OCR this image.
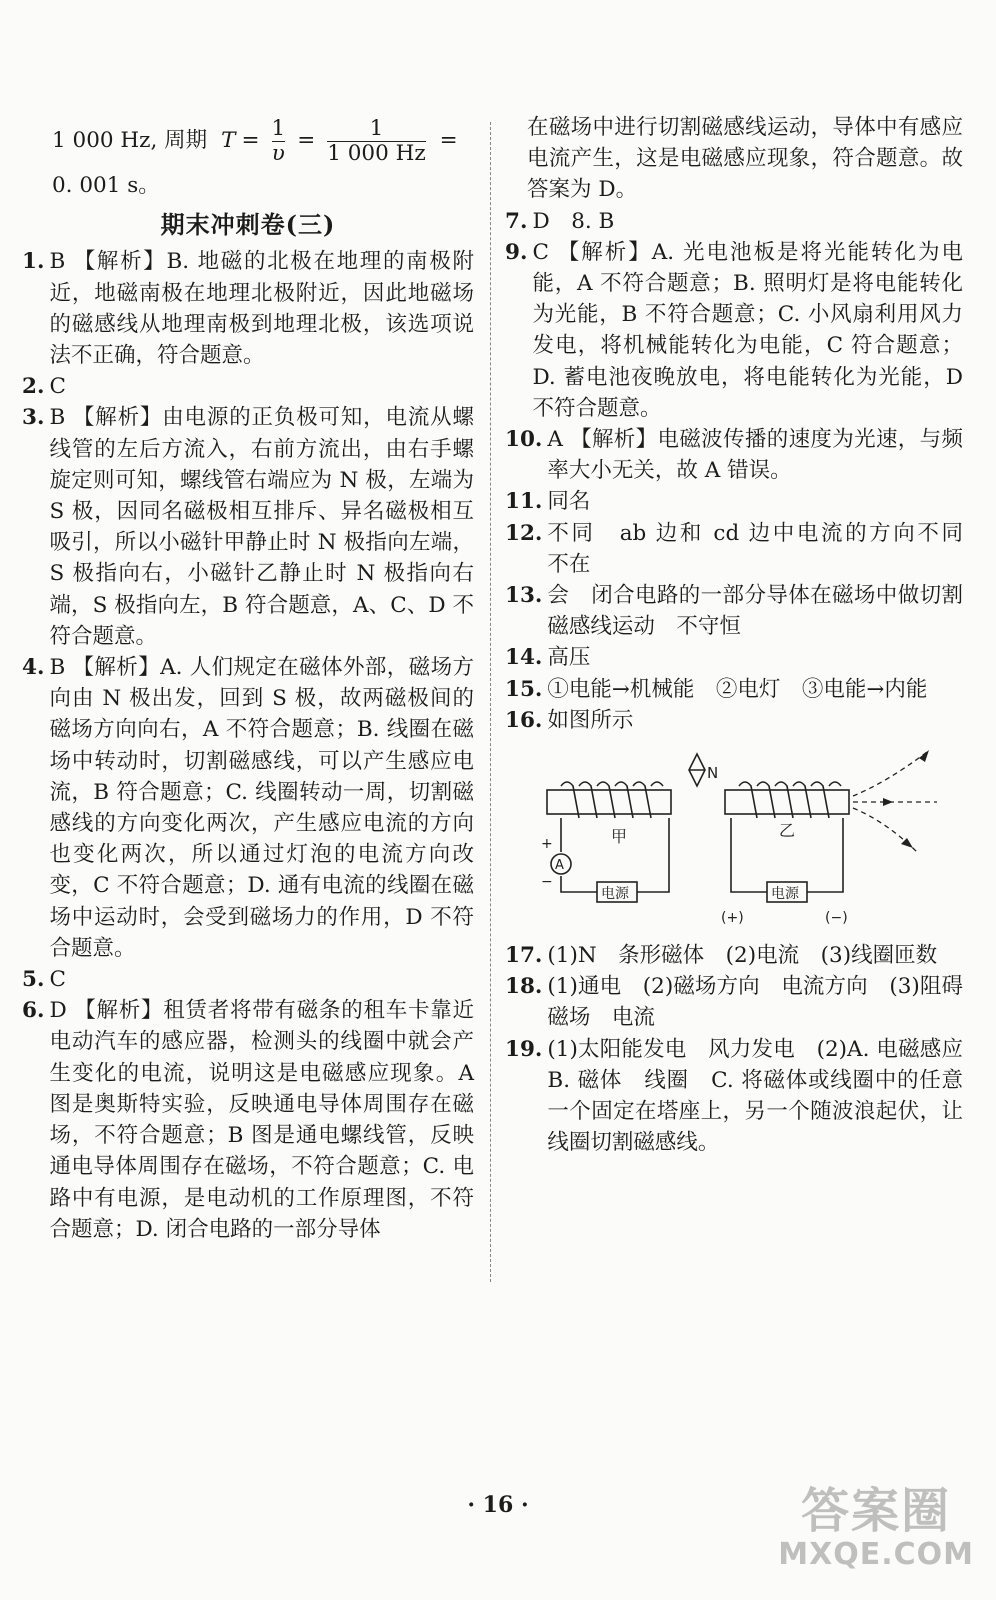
1 000 Hz, 周期 $T = \frac{1}{\upsilon} = \frac{1}{1 000 Hz}$ =
0. 001 s。
期末冲刺卷(三)
1. B 【解析】B. 地磁的北极在地理的南极附近，地磁南极在地理北极附近，因此地磁场的磁感线从地理南极到地理北极，该选项说法不正确，符合题意。
2. C
3. B 【解析】由电源的正负极可知，电流从螺线管的左后方流入，右前方流出，由右手螺旋定则可知，螺线管右端应为 N 极，左端为 S 极，因同名磁极相互排斥、异名磁极相互吸引，所以小磁针甲静止时 N 极指向左端，S 极指向右，小磁针乙静止时 N 极指向右端，S 极指向左，B 符合题意，A、C、D 不符合题意。
4. B 【解析】A. 人们规定在磁体外部，磁场方向由 N 极出发，回到 S 极，故两磁极间的磁场方向向右，A 不符合题意；B. 线圈在磁场中转动时，切割磁感线，可以产生感应电流，B 符合题意；C. 线圈转动一周，切割磁感线的方向变化两次，产生感应电流的方向也变化两次，所以通过灯泡的电流方向改变，C 不符合题意；D. 通有电流的线圈在磁场中运动时，会受到磁场力的作用，D 不符合题意。
5. C
6. D 【解析】租赁者将带有磁条的租车卡靠近电动汽车的感应器，检测头的线圈中就会产生变化的电流，说明这是电磁感应现象。A 图是奥斯特实验，反映通电导体周围存在磁场，不符合题意；B 图是通电螺线管，反映通电导体周围存在磁场，不符合题意；C. 电路中有电源，是电动机的工作原理图，不符合题意；D. 闭合电路的一部分导体
在磁场中进行切割磁感线运动，导体中有感应电流产生，这是电磁感应现象，符合题意。故答案为 D。
7. D　8. B
9. C 【解析】A. 光电池板是将光能转化为电能，A 不符合题意；B. 照明灯是将电能转化为光能，B 不符合题意；C. 小风扇利用风力发电，将机械能转化为电能，C 符合题意；D. 蓄电池夜晚放电，将电能转化为光能，D 不符合题意。
10. A 【解析】电磁波传播的速度为光速，与频率大小无关，故 A 错误。
11. 同名
12. 不同　ab 边和 cd 边中电流的方向不同　不在
13. 会　闭合电路的一部分导体在磁场中做切割磁感线运动　不守恒
14. 高压
15. ①电能→机械能　②电灯　③电能→内能
16. 如图所示
N
甲	乙
+
−
A
电源	电源
(+)	(−)
17. (1)N　条形磁体　(2)电流　(3)线圈匝数
18. (1)通电　(2)磁场方向　电流方向　(3)阻碍　磁场　电流
19. (1)太阳能发电　风力发电　(2)A. 电磁感应　B. 磁体　线圈　C. 将磁体或线圈中的任意一个固定在塔座上，另一个随波浪起伏，让线圈切割磁感线。
· 16 ·	答案圈
MXQE.COM
